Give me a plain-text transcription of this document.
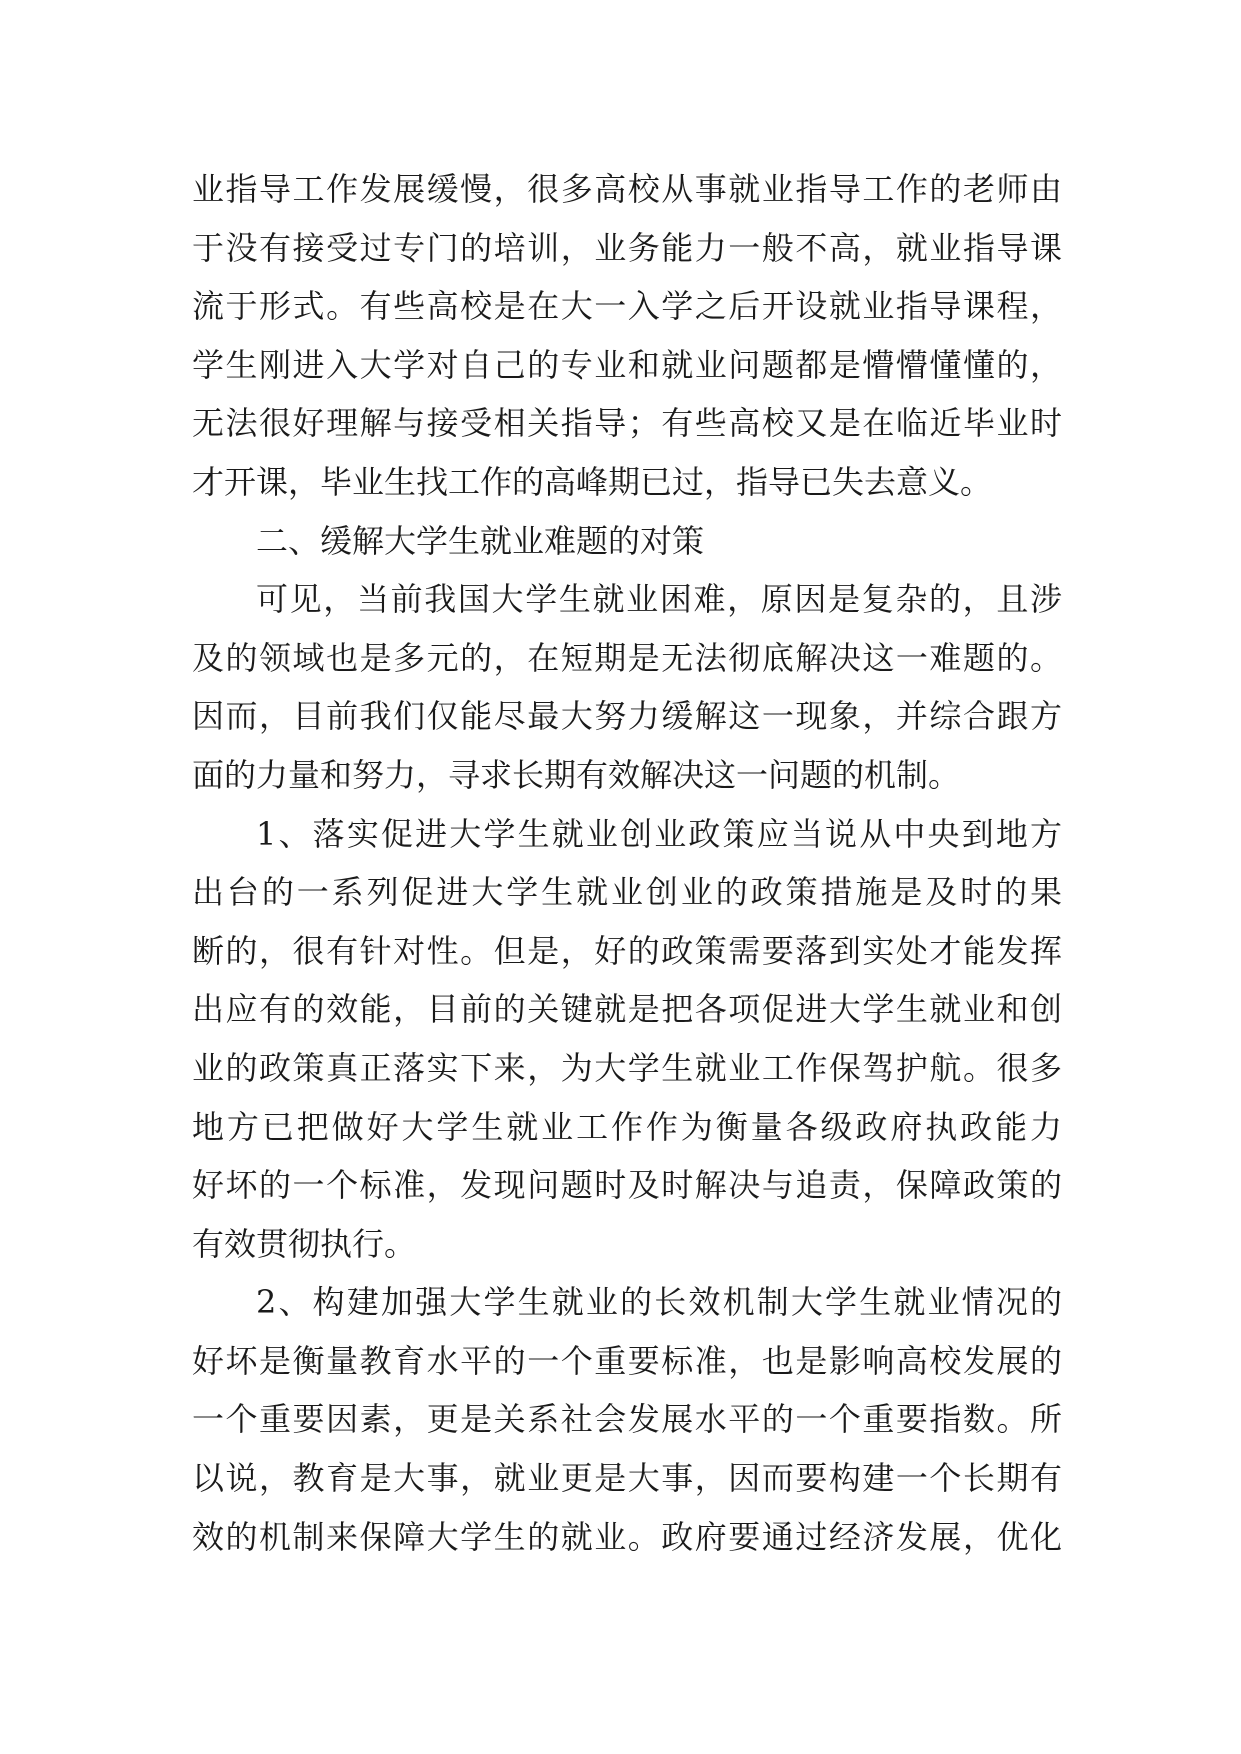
业指导工作发展缓慢，很多高校从事就业指导工作的老师由
于没有接受过专门的培训，业务能力一般不高，就业指导课
流于形式。有些高校是在大一入学之后开设就业指导课程，
学生刚进入大学对自己的专业和就业问题都是懵懵懂懂的，
无法很好理解与接受相关指导；有些高校又是在临近毕业时
才开课，毕业生找工作的高峰期已过，指导已失去意义。
二、缓解大学生就业难题的对策
可见，当前我国大学生就业困难，原因是复杂的，且涉
及的领域也是多元的，在短期是无法彻底解决这一难题的。
因而，目前我们仅能尽最大努力缓解这一现象，并综合跟方
面的力量和努力，寻求长期有效解决这一问题的机制。
1、落实促进大学生就业创业政策应当说从中央到地方
出台的一系列促进大学生就业创业的政策措施是及时的果
断的，很有针对性。但是，好的政策需要落到实处才能发挥
出应有的效能，目前的关键就是把各项促进大学生就业和创
业的政策真正落实下来，为大学生就业工作保驾护航。很多
地方已把做好大学生就业工作作为衡量各级政府执政能力
好坏的一个标准，发现问题时及时解决与追责，保障政策的
有效贯彻执行。
2、构建加强大学生就业的长效机制大学生就业情况的
好坏是衡量教育水平的一个重要标准，也是影响高校发展的
一个重要因素，更是关系社会发展水平的一个重要指数。所
以说，教育是大事，就业更是大事，因而要构建一个长期有
效的机制来保障大学生的就业。政府要通过经济发展，优化
